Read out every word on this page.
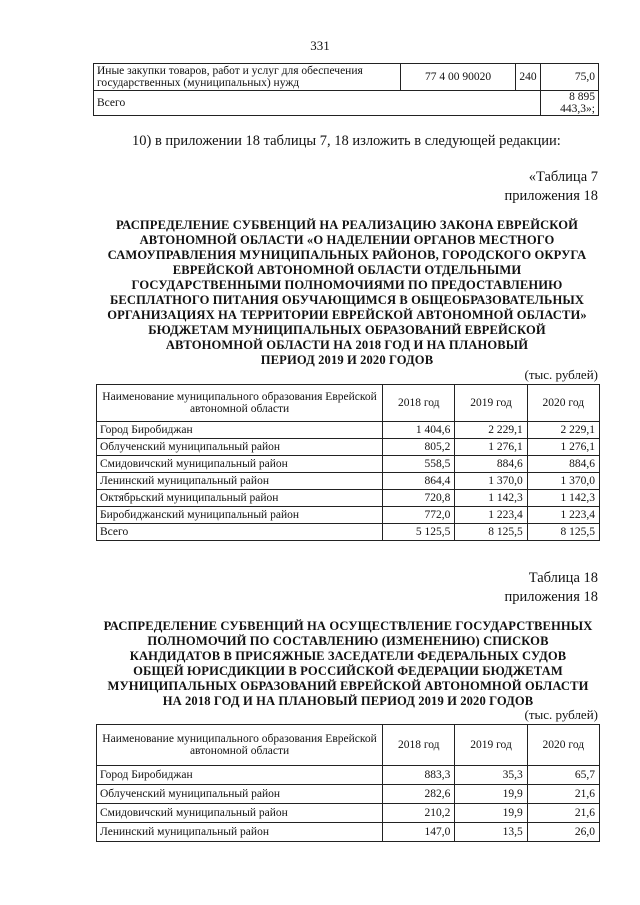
331
Иные закупки товаров, работ и услуг для обеспечения государственных (муниципальных) нужд	77 4 00 90020	240	75,0
Всего			8 895 443,3»;
10) в приложении 18 таблицы 7, 18 изложить в следующей редакции:
«Таблица 7
приложения 18
РАСПРЕДЕЛЕНИЕ СУБВЕНЦИЙ НА РЕАЛИЗАЦИЮ ЗАКОНА ЕВРЕЙСКОЙ
АВТОНОМНОЙ ОБЛАСТИ «О НАДЕЛЕНИИ ОРГАНОВ МЕСТНОГО
САМОУПРАВЛЕНИЯ МУНИЦИПАЛЬНЫХ РАЙОНОВ, ГОРОДСКОГО ОКРУГА
ЕВРЕЙСКОЙ АВТОНОМНОЙ ОБЛАСТИ ОТДЕЛЬНЫМИ
ГОСУДАРСТВЕННЫМИ ПОЛНОМОЧИЯМИ ПО ПРЕДОСТАВЛЕНИЮ
БЕСПЛАТНОГО ПИТАНИЯ ОБУЧАЮЩИМСЯ В ОБЩЕОБРАЗОВАТЕЛЬНЫХ
ОРГАНИЗАЦИЯХ НА ТЕРРИТОРИИ ЕВРЕЙСКОЙ АВТОНОМНОЙ ОБЛАСТИ»
БЮДЖЕТАМ МУНИЦИПАЛЬНЫХ ОБРАЗОВАНИЙ ЕВРЕЙСКОЙ
АВТОНОМНОЙ ОБЛАСТИ НА 2018 ГОД И НА ПЛАНОВЫЙ
ПЕРИОД 2019 И 2020 ГОДОВ
(тыс. рублей)
Наименование муниципального образования Еврейской автономной области	2018 год	2019 год	2020 год
Город Биробиджан	1 404,6	2 229,1	2 229,1
Облученский муниципальный район	805,2	1 276,1	1 276,1
Смидовичский муниципальный район	558,5	884,6	884,6
Ленинский муниципальный район	864,4	1 370,0	1 370,0
Октябрьский муниципальный район	720,8	1 142,3	1 142,3
Биробиджанский муниципальный район	772,0	1 223,4	1 223,4
Всего	5 125,5	8 125,5	8 125,5
Таблица 18
приложения 18
РАСПРЕДЕЛЕНИЕ СУБВЕНЦИЙ НА ОСУЩЕСТВЛЕНИЕ ГОСУДАРСТВЕННЫХ
ПОЛНОМОЧИЙ ПО СОСТАВЛЕНИЮ (ИЗМЕНЕНИЮ) СПИСКОВ
КАНДИДАТОВ В ПРИСЯЖНЫЕ ЗАСЕДАТЕЛИ ФЕДЕРАЛЬНЫХ СУДОВ
ОБЩЕЙ ЮРИСДИКЦИИ В РОССИЙСКОЙ ФЕДЕРАЦИИ БЮДЖЕТАМ
МУНИЦИПАЛЬНЫХ ОБРАЗОВАНИЙ ЕВРЕЙСКОЙ АВТОНОМНОЙ ОБЛАСТИ
НА 2018 ГОД И НА ПЛАНОВЫЙ ПЕРИОД 2019 И 2020 ГОДОВ
(тыс. рублей)
Наименование муниципального образования Еврейской автономной области	2018 год	2019 год	2020 год
Город Биробиджан	883,3	35,3	65,7
Облученский муниципальный район	282,6	19,9	21,6
Смидовичский муниципальный район	210,2	19,9	21,6
Ленинский муниципальный район	147,0	13,5	26,0
